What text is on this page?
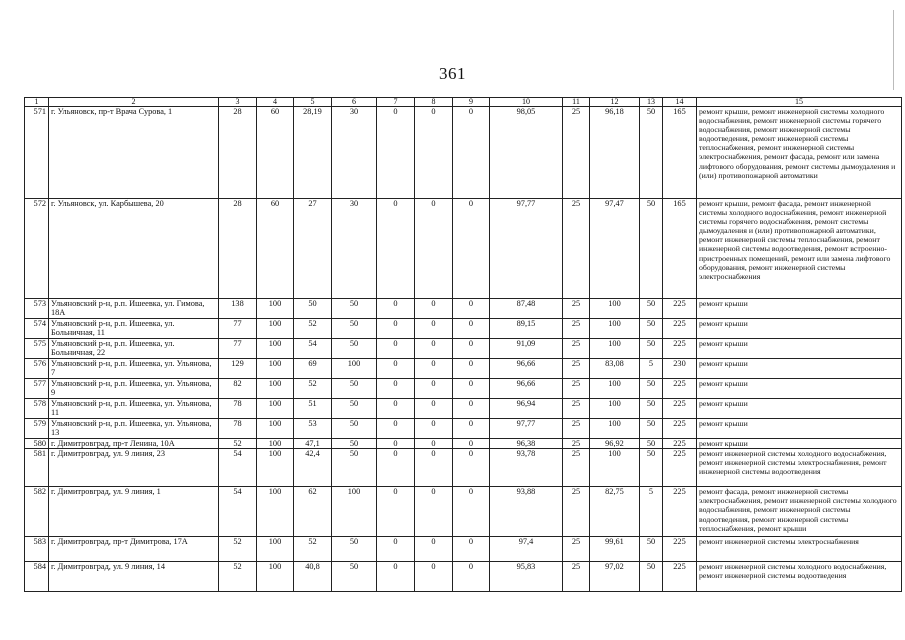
361
1	2	3	4	5	6	7	8	9	10	11	12	13	14	15
571	г. Ульяновск, пр-т Врача Сурова, 1	28	60	28,19	30	0	0	0	98,05	25	96,18	50	165	ремонт крыши, ремонт инженерной системы холодного водоснабжения, ремонт инженерной системы горячего водоснабжения, ремонт инженерной системы водоотведения, ремонт инженерной системы теплоснабжения, ремонт инженерной системы электроснабжения, ремонт фасада, ремонт или замена лифтового оборудования, ремонт системы дымоудаления и (или) противопожарной автоматики
572	г. Ульяновск, ул. Карбышева, 20	28	60	27	30	0	0	0	97,77	25	97,47	50	165	ремонт крыши, ремонт фасада, ремонт инженерной системы холодного водоснабжения, ремонт инженерной системы горячего водоснабжения, ремонт системы дымоудаления и (или) противопожарной автоматики, ремонт инженерной системы теплоснабжения, ремонт инженерной системы водоотведения, ремонт встроенно-пристроенных помещений, ремонт или замена лифтового оборудования, ремонт инженерной системы электроснабжения
573	Ульяновский р-н, р.п. Ишеевка, ул. Гимова, 18А	138	100	50	50	0	0	0	87,48	25	100	50	225	ремонт крыши
574	Ульяновский р-н, р.п. Ишеевка, ул. Больничная, 11	77	100	52	50	0	0	0	89,15	25	100	50	225	ремонт крыши
575	Ульяновский р-н, р.п. Ишеевка, ул. Больничная, 22	77	100	54	50	0	0	0	91,09	25	100	50	225	ремонт крыши
576	Ульяновский р-н, р.п. Ишеевка, ул. Ульянова, 7	129	100	69	100	0	0	0	96,66	25	83,08	5	230	ремонт крыши
577	Ульяновский р-н, р.п. Ишеевка, ул. Ульянова, 9	82	100	52	50	0	0	0	96,66	25	100	50	225	ремонт крыши
578	Ульяновский р-н, р.п. Ишеевка, ул. Ульянова, 11	78	100	51	50	0	0	0	96,94	25	100	50	225	ремонт крыши
579	Ульяновский р-н, р.п. Ишеевка, ул. Ульянова, 13	78	100	53	50	0	0	0	97,77	25	100	50	225	ремонт крыши
580	г. Димитровград, пр-т Ленина, 10А	52	100	47,1	50	0	0	0	96,38	25	96,92	50	225	ремонт крыши
581	г. Димитровград, ул. 9 линия, 23	54	100	42,4	50	0	0	0	93,78	25	100	50	225	ремонт инженерной системы холодного водоснабжения, ремонт инженерной системы электроснабжения, ремонт инженерной системы водоотведения
582	г. Димитровград, ул. 9 линия, 1	54	100	62	100	0	0	0	93,88	25	82,75	5	225	ремонт фасада, ремонт инженерной системы электроснабжения, ремонт инженерной системы холодного водоснабжения, ремонт инженерной системы водоотведения, ремонт инженерной системы теплоснабжения, ремонт крыши
583	г. Димитровград, пр-т Димитрова, 17А	52	100	52	50	0	0	0	97,4	25	99,61	50	225	ремонт инженерной системы электроснабжения
584	г. Димитровград, ул. 9 линия, 14	52	100	40,8	50	0	0	0	95,83	25	97,02	50	225	ремонт инженерной системы холодного водоснабжения, ремонт инженерной системы водоотведения
